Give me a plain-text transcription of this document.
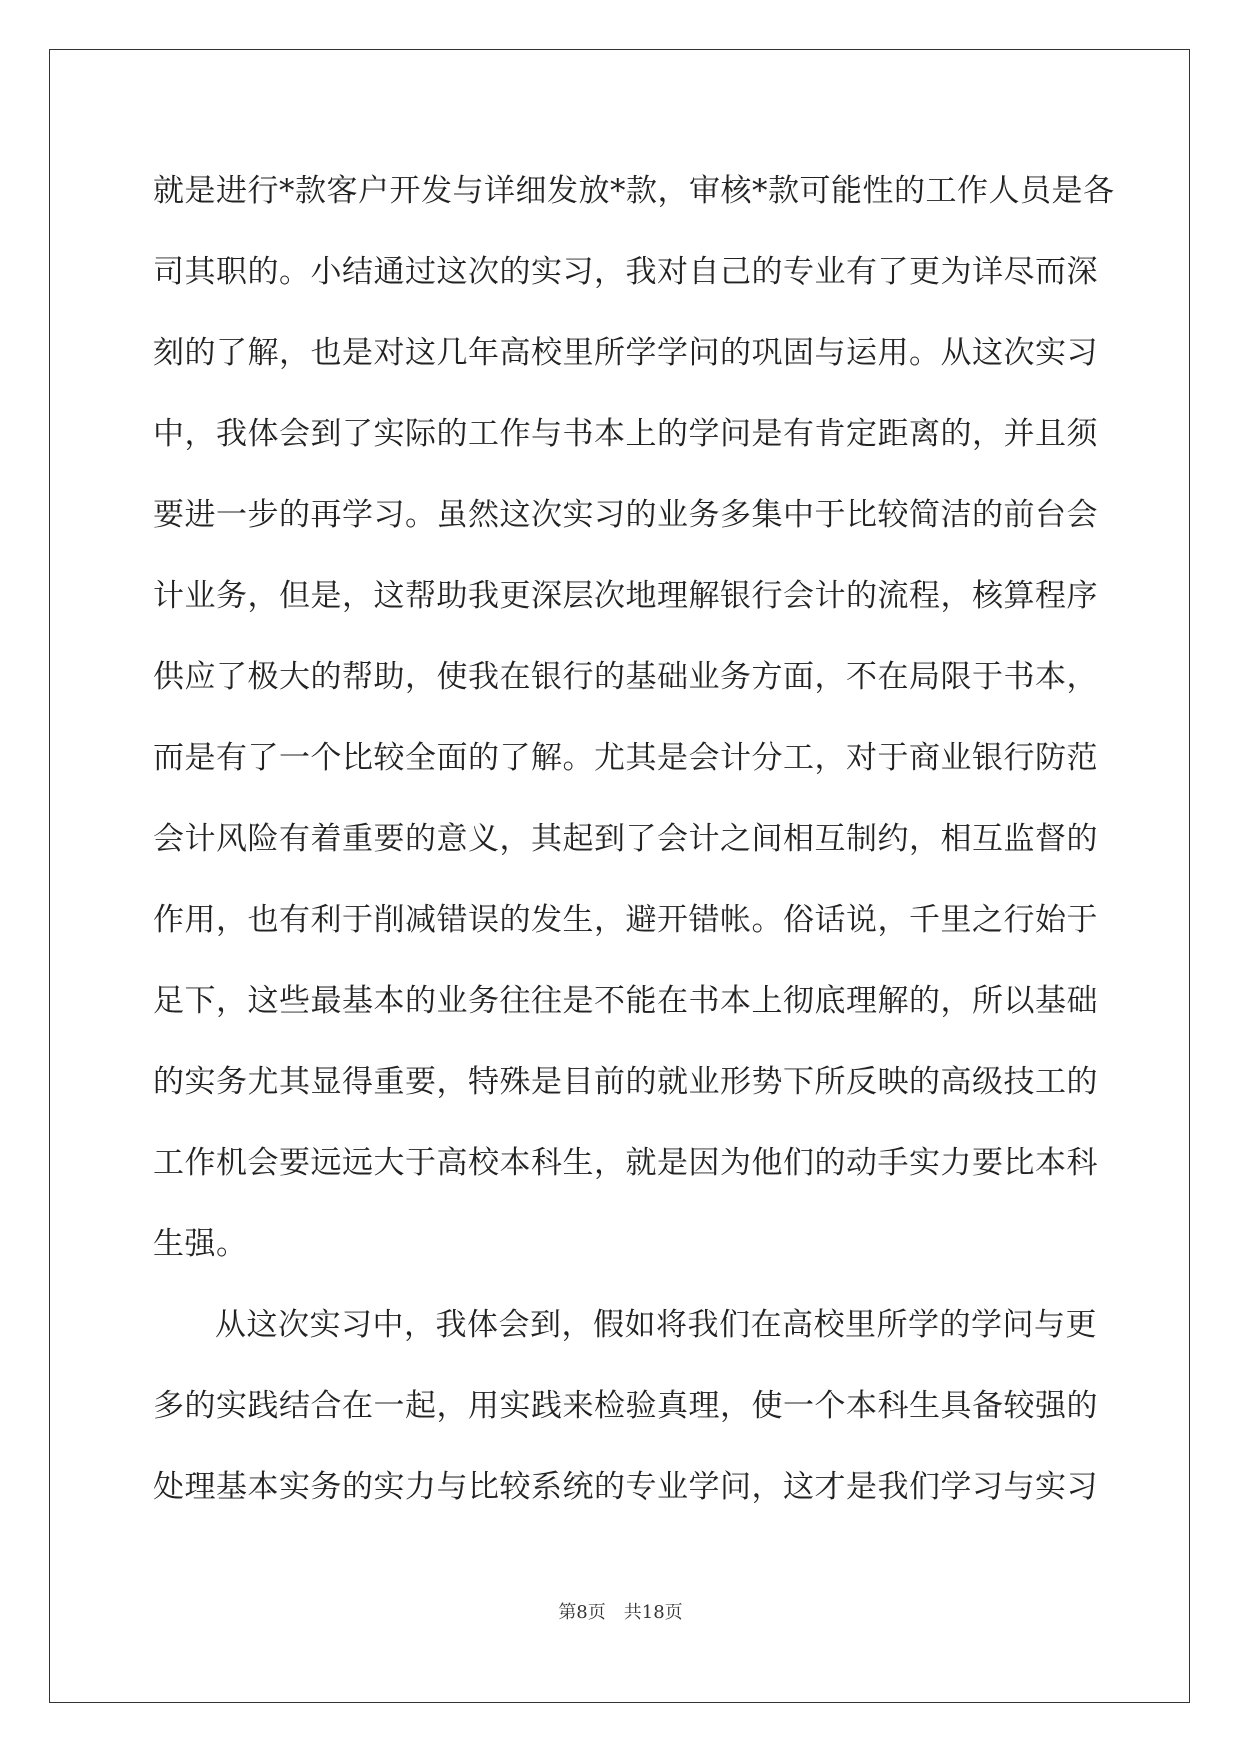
就是进行*款客户开发与详细发放*款，审核*款可能性的工作人员是各
司其职的。小结通过这次的实习，我对自己的专业有了更为详尽而深
刻的了解，也是对这几年高校里所学学问的巩固与运用。从这次实习
中，我体会到了实际的工作与书本上的学问是有肯定距离的，并且须
要进一步的再学习。虽然这次实习的业务多集中于比较简洁的前台会
计业务，但是，这帮助我更深层次地理解银行会计的流程，核算程序
供应了极大的帮助，使我在银行的基础业务方面，不在局限于书本，
而是有了一个比较全面的了解。尤其是会计分工，对于商业银行防范
会计风险有着重要的意义，其起到了会计之间相互制约，相互监督的
作用，也有利于削减错误的发生，避开错帐。俗话说，千里之行始于
足下，这些最基本的业务往往是不能在书本上彻底理解的，所以基础
的实务尤其显得重要，特殊是目前的就业形势下所反映的高级技工的
工作机会要远远大于高校本科生，就是因为他们的动手实力要比本科
生强。
从这次实习中，我体会到，假如将我们在高校里所学的学问与更
多的实践结合在一起，用实践来检验真理，使一个本科生具备较强的
处理基本实务的实力与比较系统的专业学问，这才是我们学习与实习
第8页 共18页
